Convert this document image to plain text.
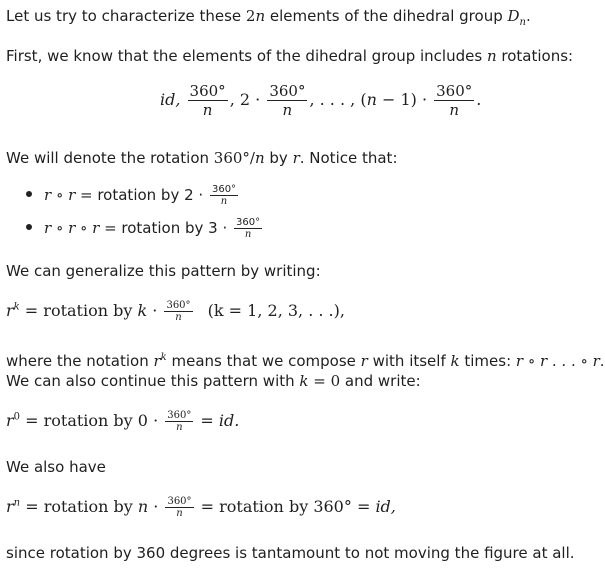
Let us try to characterize these 2n elements of the dihedral group $D_n$.
First, we know that the elements of the dihedral group includes n rotations:
id, $\frac{360^\circ}{n}$ , $2 \cdot \frac{360^\circ}{n}$ , . . . , $(n - 1) \cdot \frac{360^\circ}{n}$ .
We will denote the rotation 360°/n by r. Notice that:
r ∘ r = rotation by $2 \cdot \frac{360^\circ}{n}$
r ∘ r ∘ r = rotation by $3 \cdot \frac{360^\circ}{n}$
We can generalize this pattern by writing:
$r^k$ = rotation by $k \cdot \frac{360^\circ}{n} (k = 1$, 2, 3, . . .),
where the notation $r^k$ means that we compose r with itself k times: r ∘ r . . . ∘ r.
We can also continue this pattern with k = 0 and write:
$r^0$ = rotation by $0 \cdot \frac{360^\circ}{n}$ = id.
We also have
$r^n$ = rotation by $n \cdot \frac{360^\circ}{n}$ = rotation by 360° = id,
since rotation by 360 degrees is tantamount to not moving the figure at all.
